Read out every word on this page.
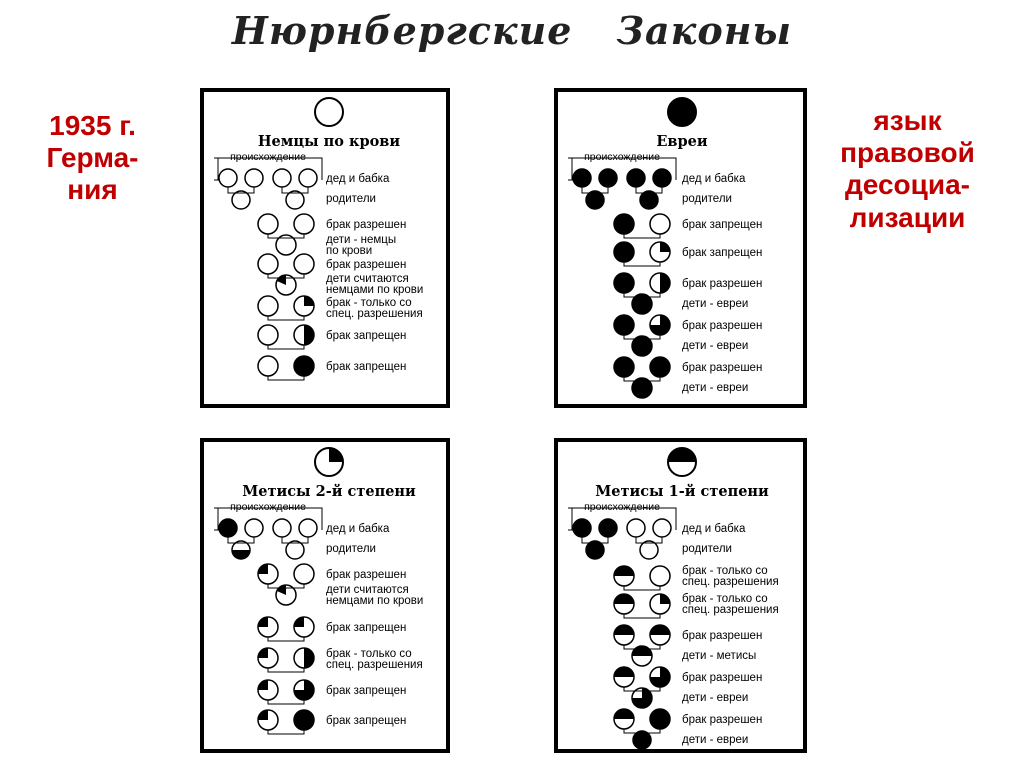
Нюрнбергские Законы
1935 г.
Герма-
ния
язык
правовой
десоциа-
лизации
Немцы по крови
происхождение
дед и бабка
родители
брак разрешен
дети - немцы
по крови
брак разрешен
дети считаются
немцами по крови
брак - только со
спец. разрешения
брак запрещен
брак запрещен
Евреи
происхождение
дед и бабка
родители
брак запрещен
брак запрещен
брак разрешен
дети - евреи
брак разрешен
дети - евреи
брак разрешен
дети - евреи
Метисы 2-й степени
происхождение
дед и бабка
родители
брак разрешен
дети считаются
немцами по крови
брак запрещен
брак - только со
спец. разрешения
брак запрещен
брак запрещен
Метисы 1-й степени
происхождение
дед и бабка
родители
брак - только со
спец. разрешения
брак - только со
спец. разрешения
брак разрешен
дети - метисы
брак разрешен
дети - евреи
брак разрешен
дети - евреи
